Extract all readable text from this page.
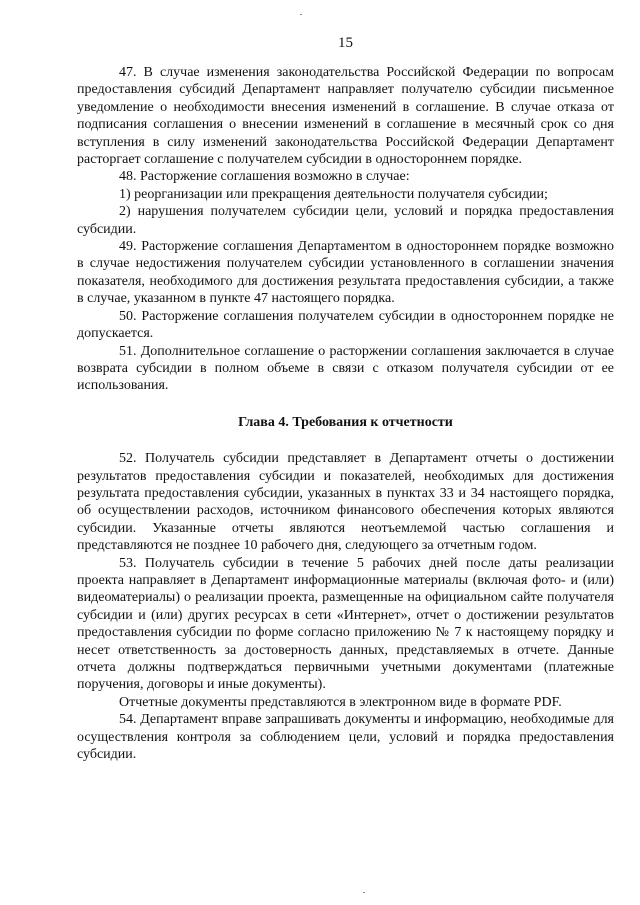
15

47. В случае изменения законодательства Российской Федерации по вопросам предоставления субсидий Департамент направляет получателю субсидии письменное уведомление о необходимости внесения изменений в соглашение. В случае отказа от подписания соглашения о внесении изменений в соглашение в месячный срок со дня вступления в силу изменений законодательства Российской Федерации Департамент расторгает соглашение с получателем субсидии в одностороннем порядке.

48. Расторжение соглашения возможно в случае:

1) реорганизации или прекращения деятельности получателя субсидии;

2) нарушения получателем субсидии цели, условий и порядка предоставления субсидии.

49. Расторжение соглашения Департаментом в одностороннем порядке возможно в случае недостижения получателем субсидии установленного в соглашении значения показателя, необходимого для достижения результата предоставления субсидии, а также в случае, указанном в пункте 47 настоящего порядка.

50. Расторжение соглашения получателем субсидии в одностороннем порядке не допускается.

51. Дополнительное соглашение о расторжении соглашения заключается в случае возврата субсидии в полном объеме в связи с отказом получателя субсидии от ее использования.

Глава 4. Требования к отчетности

52. Получатель субсидии представляет в Департамент отчеты о достижении результатов предоставления субсидии и показателей, необходимых для достижения результата предоставления субсидии, указанных в пунктах 33 и 34 настоящего порядка, об осуществлении расходов, источником финансового обеспечения которых являются субсидии. Указанные отчеты являются неотъемлемой частью соглашения и представляются не позднее 10 рабочего дня, следующего за отчетным годом.

53. Получатель субсидии в течение 5 рабочих дней после даты реализации проекта направляет в Департамент информационные материалы (включая фото- и (или) видеоматериалы) о реализации проекта, размещенные на официальном сайте получателя субсидии и (или) других ресурсах в сети «Интернет», отчет о достижении результатов предоставления субсидии по форме согласно приложению № 7 к настоящему порядку и несет ответственность за достоверность данных, представляемых в отчете. Данные отчета должны подтверждаться первичными учетными документами (платежные поручения, договоры и иные документы).

Отчетные документы представляются в электронном виде в формате PDF.

54. Департамент вправе запрашивать документы и информацию, необходимые для осуществления контроля за соблюдением цели, условий и порядка предоставления субсидии.
